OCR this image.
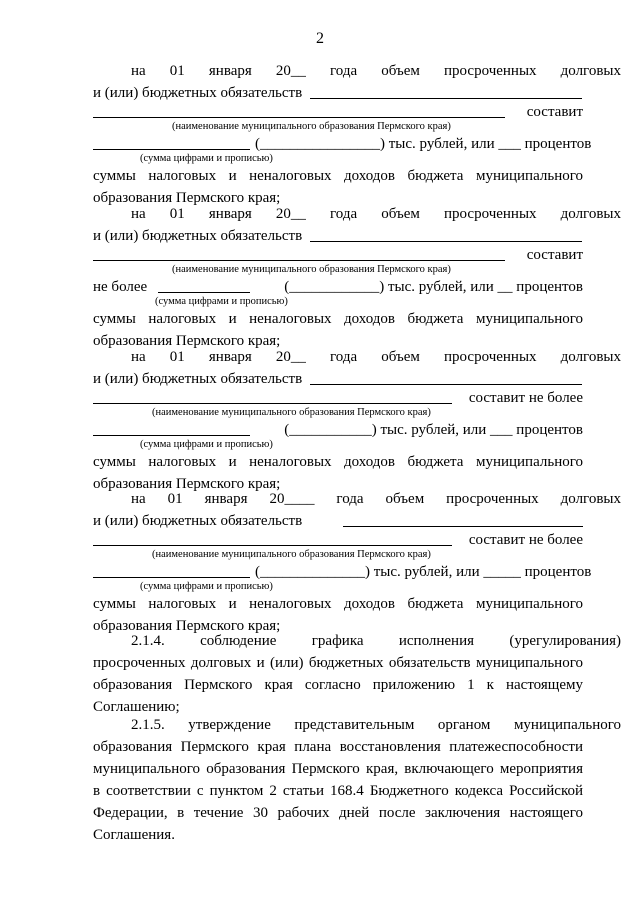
2
на 01 января 20__ года объем просроченных долговых
и (или) бюджетных обязательств
составит
(наименование муниципального образования Пермского края)
(________________) тыс. рублей, или ___ процентов
(сумма цифрами и прописью)
суммы налоговых и неналоговых доходов бюджета муниципального
образования Пермского края;
на 01 января 20__ года объем просроченных долговых
и (или) бюджетных обязательств
составит
(наименование муниципального образования Пермского края)
не более	(____________) тыс. рублей, или __ процентов
(сумма цифрами и прописью)
суммы налоговых и неналоговых доходов бюджета муниципального
образования Пермского края;
на 01 января 20__ года объем просроченных долговых
и (или) бюджетных обязательств
составит не более
(наименование муниципального образования Пермского края)
(___________) тыс. рублей, или ___ процентов
(сумма цифрами и прописью)
суммы налоговых и неналоговых доходов бюджета муниципального
образования Пермского края;
на 01 января 20____ года объем просроченных долговых
и (или) бюджетных обязательств
составит не более
(наименование муниципального образования Пермского края)
(______________) тыс. рублей, или _____ процентов
(сумма цифрами и прописью)
суммы налоговых и неналоговых доходов бюджета муниципального
образования Пермского края;
2.1.4. соблюдение графика исполнения (урегулирования)
просроченных долговых и (или) бюджетных обязательств муниципального
образования Пермского края согласно приложению 1 к настоящему
Соглашению;
2.1.5. утверждение представительным органом муниципального
образования Пермского края плана восстановления платежеспособности
муниципального образования Пермского края, включающего мероприятия
в соответствии с пунктом 2 статьи 168.4 Бюджетного кодекса Российской
Федерации, в течение 30 рабочих дней после заключения настоящего
Соглашения.
